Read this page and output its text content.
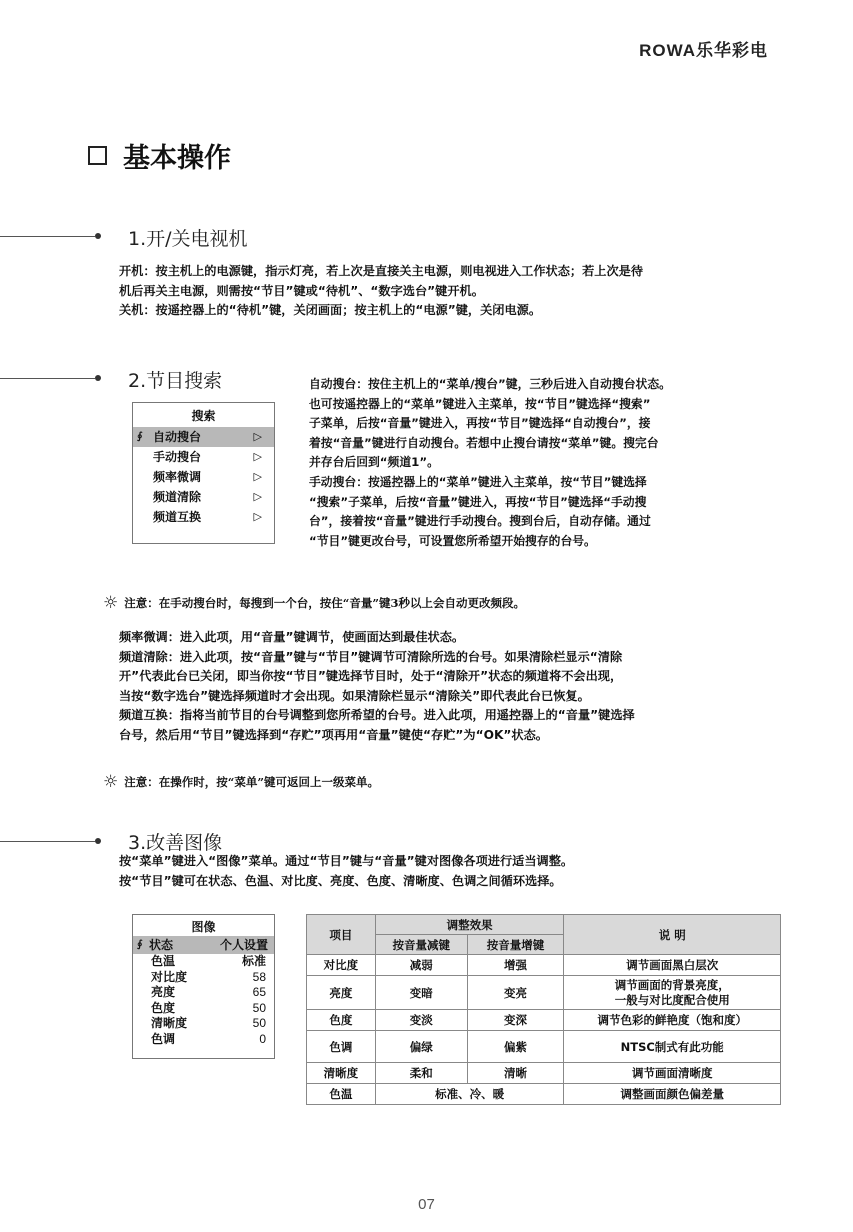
ROWA乐华彩电
基本操作
1.开/关电视机

开机：按主机上的电源键，指示灯亮，若上次是直接关主电源，则电视进入工作状态；若上次是待

机后再关主电源，则需按“节目”键或“待机”、“数字选台”键开机。

关机：按遥控器上的“待机”键，关闭画面；按主机上的“电源”键，关闭电源。

2.节目搜索
搜索
∮ 自动搜台	▷
手动搜台	▷
频率微调	▷
频道清除	▷
频道互换	▷

自动搜台：按住主机上的“菜单/搜台”键，三秒后进入自动搜台状态。

也可按遥控器上的“菜单”键进入主菜单，按“节目”键选择“搜索”

子菜单，后按“音量”键进入，再按“节目”键选择“自动搜台”，接

着按“音量”键进行自动搜台。若想中止搜台请按“菜单”键。搜完台

并存台后回到“频道1”。

手动搜台：按遥控器上的“菜单”键进入主菜单，按“节目”键选择

“搜索”子菜单，后按“音量”键进入，再按“节目”键选择“手动搜

台”，接着按“音量”键进行手动搜台。搜到台后，自动存储。通过

“节目”键更改台号，可设置您所希望开始搜存的台号。

☼ 注意：在手动搜台时，每搜到一个台，按住“音量”键3秒以上会自动更改频段。

频率微调：进入此项，用“音量”键调节，使画面达到最佳状态。

频道清除：进入此项，按“音量”键与“节目”键调节可清除所选的台号。如果清除栏显示“清除

开”代表此台已关闭，即当你按“节目”键选择节目时，处于“清除开”状态的频道将不会出现，

当按“数字选台”键选择频道时才会出现。如果清除栏显示“清除关”即代表此台已恢复。

频道互换：指将当前节目的台号调整到您所希望的台号。进入此项，用遥控器上的“音量”键选择

台号，然后用“节目”键选择到“存贮”项再用“音量”键使“存贮”为“OK”状态。

☼ 注意：在操作时，按“菜单”键可返回上一级菜单。
3.改善图像

按“菜单”键进入“图像”菜单。通过“节目”键与“音量”键对图像各项进行适当调整。

按“节目”键可在状态、色温、对比度、亮度、色度、清晰度、色调之间循环选择。

图像
∮ 状态	个人设置
色温	标准
对比度	58
亮度	65
色度	50
清晰度	50
色调	0
项目	调整效果		说 明
	按音量减键	按音量增键	
对比度	减弱	增强	调节画面黑白层次
亮度	变暗	变亮	调节画面的背景亮度，
一般与对比度配合使用
色度	变淡	变深	调节色彩的鲜艳度（饱和度）
色调	偏绿	偏紫	NTSC制式有此功能
清晰度	柔和	清晰	调节画面清晰度
色温	标准、冷、暖		调整画面颜色偏差量
07
